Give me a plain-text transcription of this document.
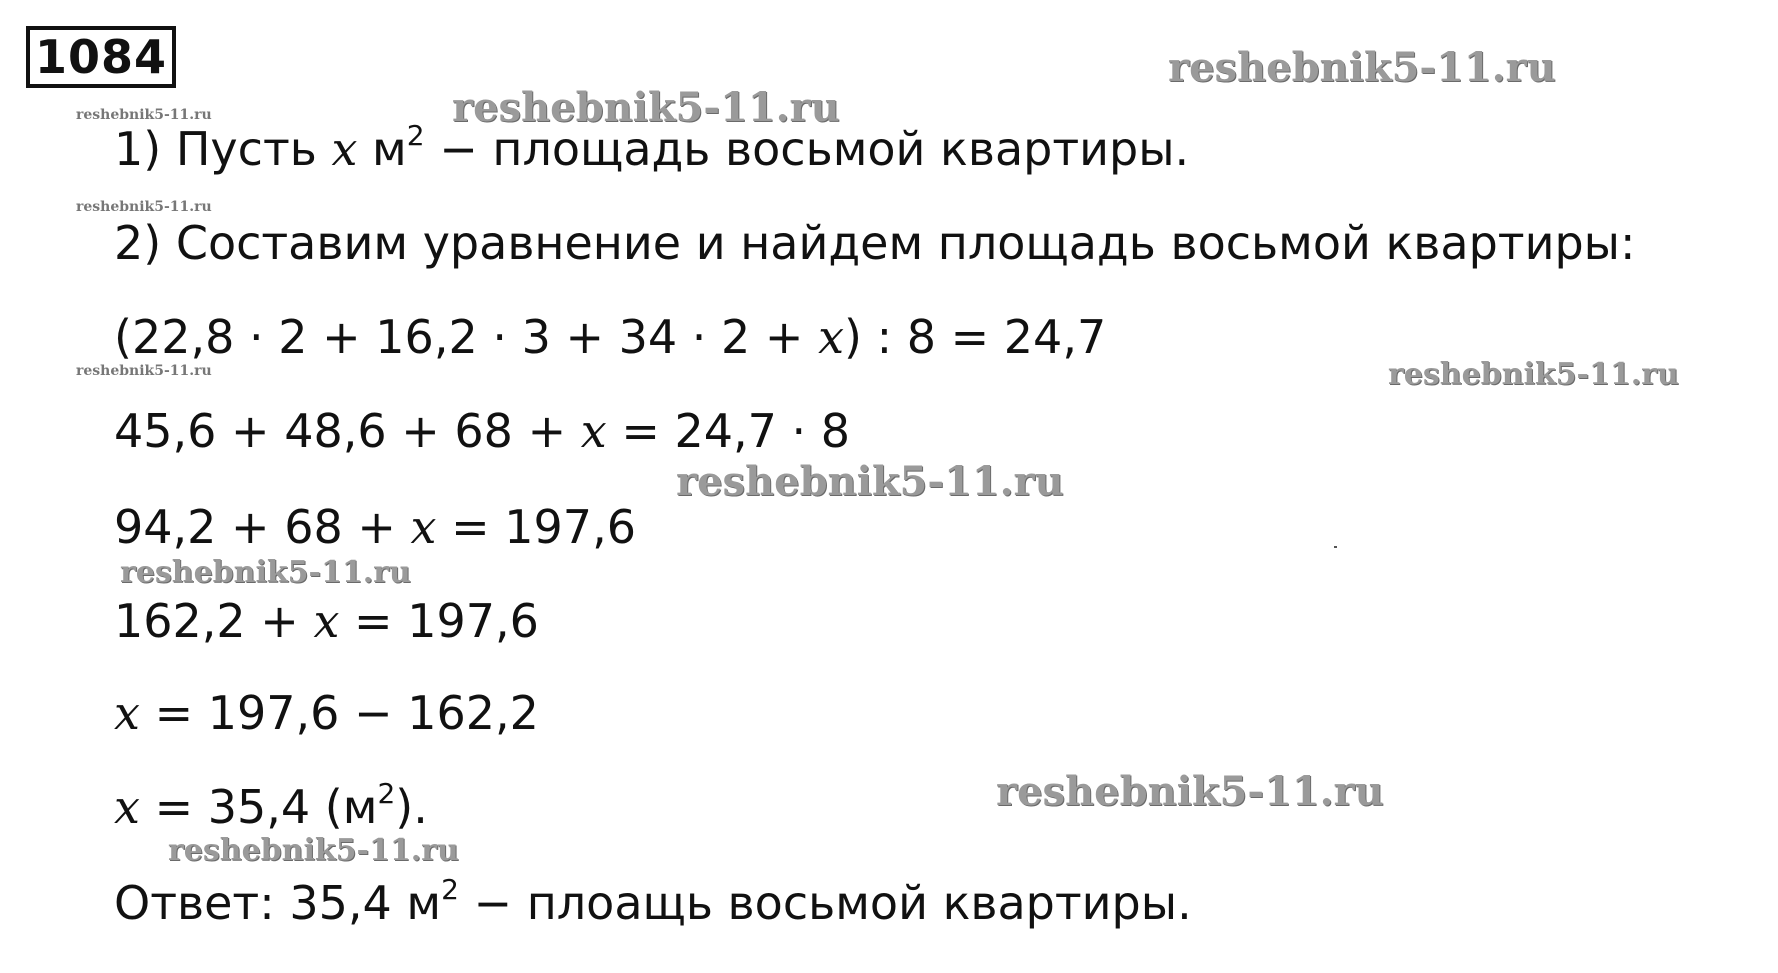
1084	reshebnik5-11.ru
reshebnik5-11.ru
reshebnik5-11.ru
reshebnik5-11.ru
reshebnik5-11.ru	reshebnik5-11.ru
reshebnik5-11.ru
reshebnik5-11.ru
reshebnik5-11.ru
reshebnik5-11.ru
1) Пусть x $м^2$ − площадь восьмой квартиры.
2) Составим уравнение и найдем площадь восьмой квартиры:
(22,8 · 2 + 16,2 · 3 + 34 · 2 + x) : 8 = 24,7
45,6 + 48,6 + 68 + x = 24,7 · 8
94,2 + 68 + x = 197,6
162,2 + x = 197,6
x = 197,6 − 162,2
x = 35,4 $(м^2)$.
Ответ: 35,4 $м^2$ − плоащь восьмой квартиры.
